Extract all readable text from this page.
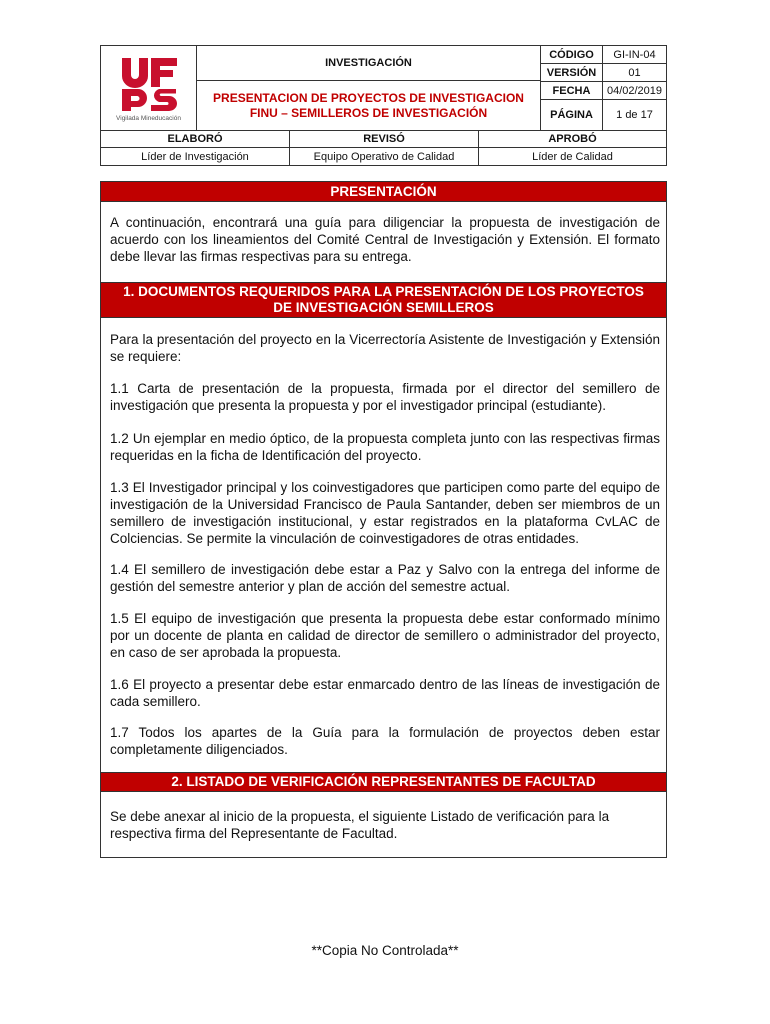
Vigilada Mineducación
INVESTIGACIÓN
PRESENTACION DE PROYECTOS DE INVESTIGACION
FINU – SEMILLEROS DE INVESTIGACIÓN
CÓDIGO	GI-IN-04
VERSIÓN	01
FECHA	04/02/2019
PÁGINA	1 de 17
ELABORÓ	REVISÓ	APROBÓ
Líder de Investigación	Equipo Operativo de Calidad	Líder de Calidad
PRESENTACIÓN
A continuación, encontrará una guía para diligenciar la propuesta de investigación de acuerdo con los lineamientos del Comité Central de Investigación y Extensión. El formato debe llevar las firmas respectivas para su entrega.
1. DOCUMENTOS REQUERIDOS PARA LA PRESENTACIÓN DE LOS PROYECTOS
DE INVESTIGACIÓN SEMILLEROS
Para la presentación del proyecto en la Vicerrectoría Asistente de Investigación y Extensión se requiere:
1.1 Carta de presentación de la propuesta, firmada por el director del semillero de investigación que presenta la propuesta y por el investigador principal (estudiante).
1.2 Un ejemplar en medio óptico, de la propuesta completa junto con las respectivas firmas requeridas en la ficha de Identificación del proyecto.
1.3 El Investigador principal y los coinvestigadores que participen como parte del equipo de investigación de la Universidad Francisco de Paula Santander, deben ser miembros de un semillero de investigación institucional, y estar registrados en la plataforma CvLAC de Colciencias. Se permite la vinculación de coinvestigadores de otras entidades.
1.4 El semillero de investigación debe estar a Paz y Salvo con la entrega del informe de gestión del semestre anterior y plan de acción del semestre actual.
1.5 El equipo de investigación que presenta la propuesta debe estar conformado mínimo por un docente de planta en calidad de director de semillero o administrador del proyecto, en caso de ser aprobada la propuesta.
1.6 El proyecto a presentar debe estar enmarcado dentro de las líneas de investigación de cada semillero.
1.7 Todos los apartes de la Guía para la formulación de proyectos deben estar completamente diligenciados.
2. LISTADO DE VERIFICACIÓN REPRESENTANTES DE FACULTAD
Se debe anexar al inicio de la propuesta, el siguiente Listado de verificación para la respectiva firma del Representante de Facultad.
**Copia No Controlada**
